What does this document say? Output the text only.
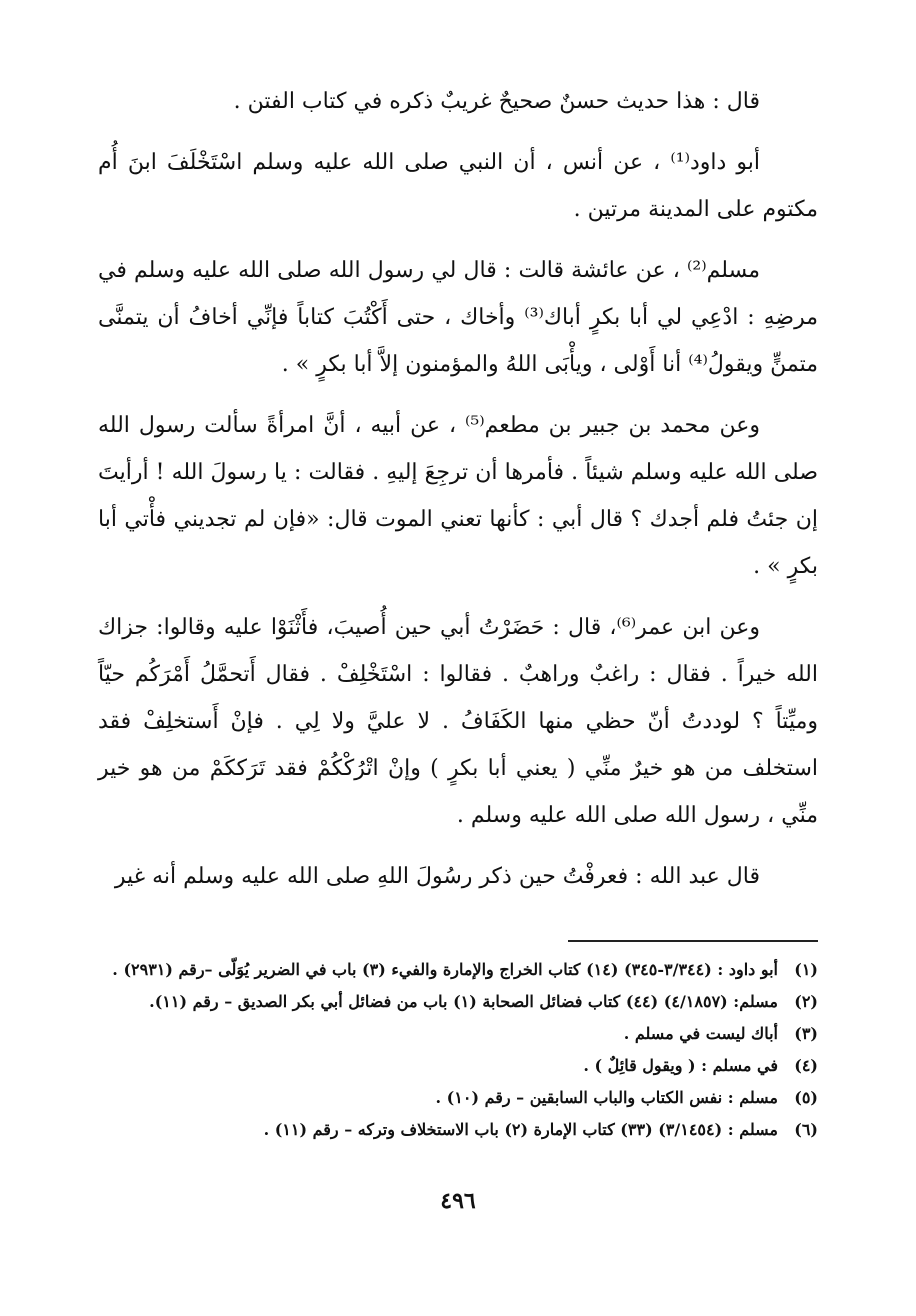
قال : هذا حديث حسنٌ صحيحٌ غريبٌ ذكره في كتاب الفتن .

أبو داود⁽¹⁾ ، عن أنس ، أن النبي صلى الله عليه وسلم اسْتَخْلَفَ ابنَ أُم مكتوم على المدينة مرتين .

مسلم⁽²⁾ ، عن عائشة قالت : قال لي رسول الله صلى الله عليه وسلم في مرضِهِ : ادْعِي لي أبا بكرٍ أباك⁽³⁾ وأخاك ، حتى أَكْتُبَ كتاباً فإنِّي أخافُ أن يتمنَّى متمنٍّ ويقولُ⁽⁴⁾ أنا أَوْلى ، ويأْبَى اللهُ والمؤمنون إلاَّ أبا بكرٍ » .

وعن محمد بن جبير بن مطعم⁽⁵⁾ ، عن أبيه ، أنَّ امرأةً سألت رسول الله صلى الله عليه وسلم شيئاً . فأمرها أن ترجِعَ إليهِ . فقالت : يا رسولَ الله ! أرأيتَ إن جئتُ فلم أجدك ؟ قال أبي : كأنها تعني الموت قال: «فإن لم تجديني فأْتي أبا بكرٍ » .

وعن ابن عمر⁽⁶⁾، قال : حَضَرْتُ أبي حين أُصيبَ، فأَثْنَوْا عليه وقالوا: جزاك الله خيراً . فقال : راغبٌ وراهبٌ . فقالوا : اسْتَخْلِفْ . فقال أَتحمَّلُ أَمْرَكُم حيّاً وميِّتاً ؟ لوددتُ أنّ حظي منها الكَفَافُ . لا عليَّ ولا لِي . فإنْ أَستخلِفْ فقد استخلف من هو خيرٌ منِّي ( يعني أبا بكرٍ ) وإنْ اتْرُكْكُمْ فقد تَرَككَمْ من هو خير منِّي ، رسول الله صلى الله عليه وسلم .

قال عبد الله : فعرفْتُ حين ذكر رسُولَ اللهِ صلى الله عليه وسلم أنه غير

(١)
أبو داود : (٣/٣٤٤-٣٤٥) (١٤) كتاب الخراج والإمارة والفيء (٣) باب في الضرير يُوَلّى –رقم (٢٩٣١) .
(٢)
مسلم: (٤/١٨٥٧) (٤٤) كتاب فضائل الصحابة (١) باب من فضائل أبي بكر الصديق – رقم (١١).
(٣)
أباك ليست في مسلم .
(٤)
في مسلم : ( ويقول قائِلٌ ) .
(٥)
مسلم : نفس الكتاب والباب السابقين – رقم (١٠) .
(٦)
مسلم : (٣/١٤٥٤) (٣٣) كتاب الإمارة (٢) باب الاستخلاف وتركه – رقم (١١) .
٤٩٦
